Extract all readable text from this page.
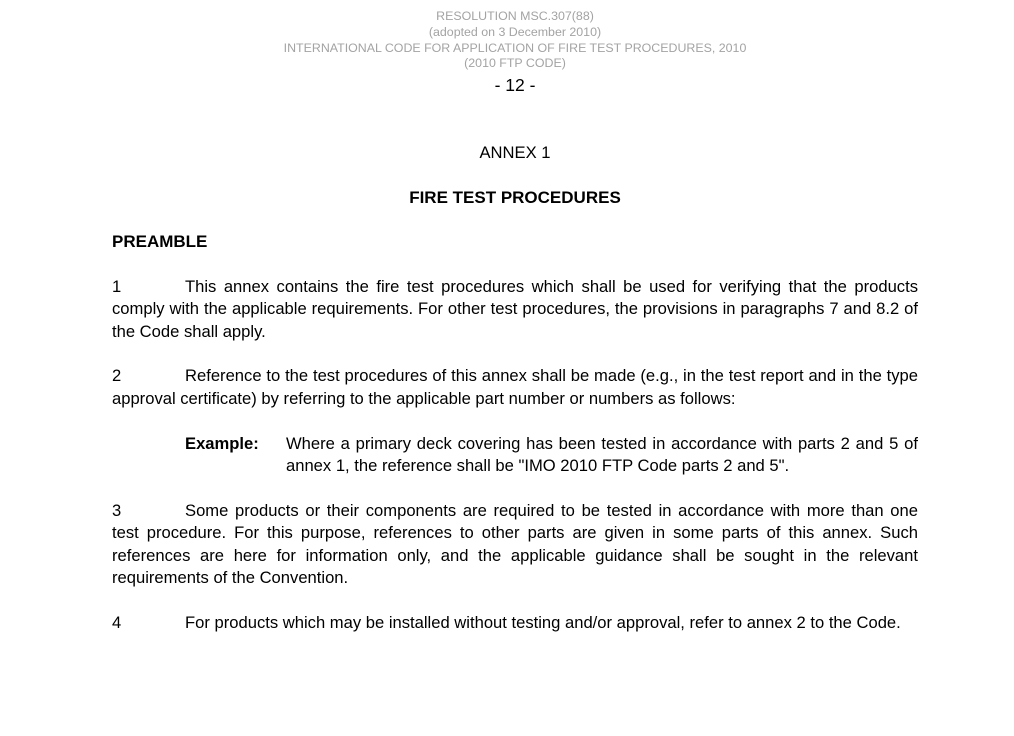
RESOLUTION MSC.307(88)
(adopted on 3 December 2010)
INTERNATIONAL CODE FOR APPLICATION OF FIRE TEST PROCEDURES, 2010
(2010 FTP CODE)
- 12 -
ANNEX 1
FIRE TEST PROCEDURES
PREAMBLE

1	This annex contains the fire test procedures which shall be used for verifying that the products comply with the applicable requirements. For other test procedures, the provisions in paragraphs 7 and 8.2 of the Code shall apply.

2	Reference to the test procedures of this annex shall be made (e.g., in the test report and in the type approval certificate) by referring to the applicable part number or numbers as follows:

Example: Where a primary deck covering has been tested in accordance with parts 2 and 5 of annex 1, the reference shall be "IMO 2010 FTP Code parts 2 and 5".

3	Some products or their components are required to be tested in accordance with more than one test procedure. For this purpose, references to other parts are given in some parts of this annex. Such references are here for information only, and the applicable guidance shall be sought in the relevant requirements of the Convention.

4	For products which may be installed without testing and/or approval, refer to annex 2 to the Code.
